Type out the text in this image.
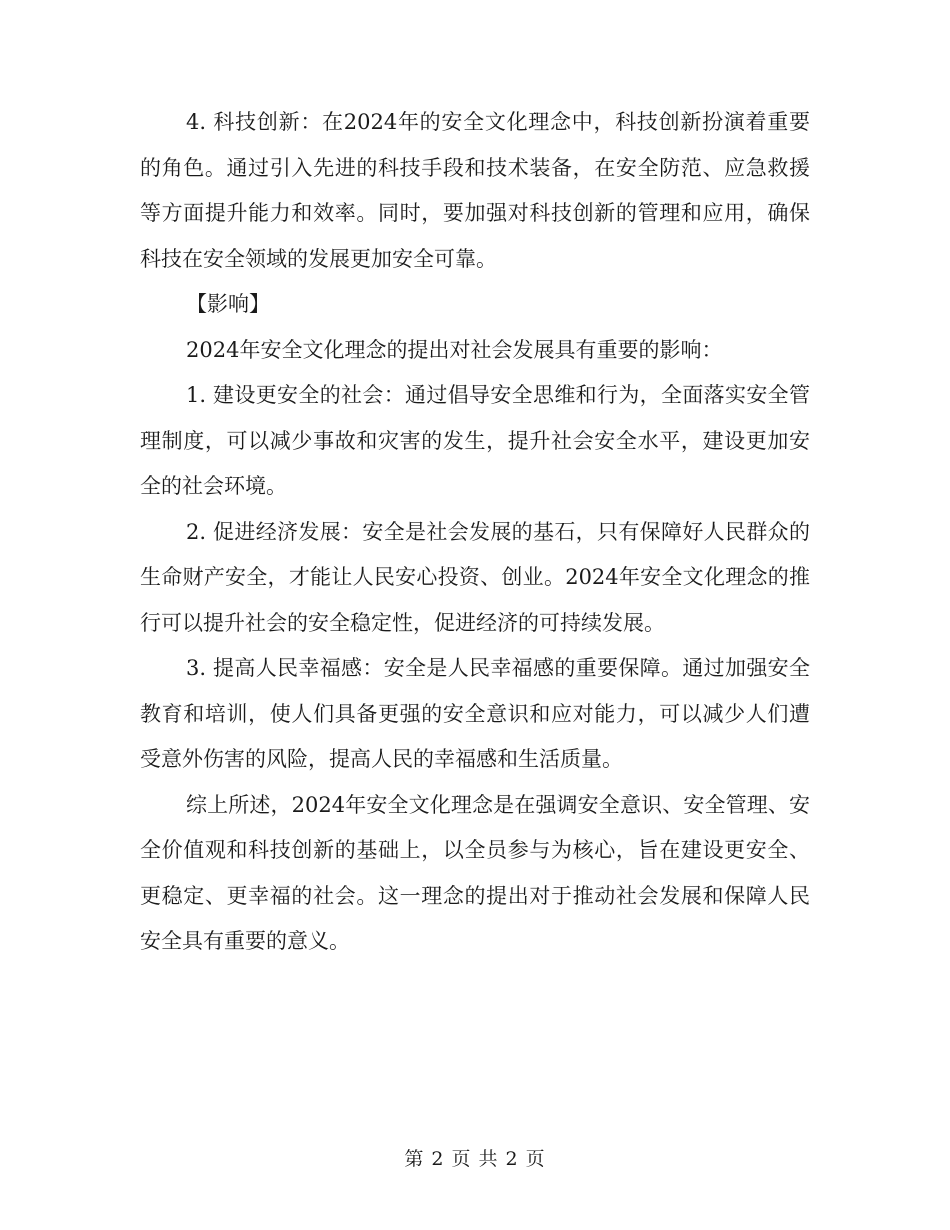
4. 科技创新：在2024年的安全文化理念中，科技创新扮演着重要的角色。通过引入先进的科技手段和技术装备，在安全防范、应急救援等方面提升能力和效率。同时，要加强对科技创新的管理和应用，确保科技在安全领域的发展更加安全可靠。

【影响】

2024年安全文化理念的提出对社会发展具有重要的影响：

1. 建设更安全的社会：通过倡导安全思维和行为，全面落实安全管理制度，可以减少事故和灾害的发生，提升社会安全水平，建设更加安全的社会环境。

2. 促进经济发展：安全是社会发展的基石，只有保障好人民群众的生命财产安全，才能让人民安心投资、创业。2024年安全文化理念的推行可以提升社会的安全稳定性，促进经济的可持续发展。

3. 提高人民幸福感：安全是人民幸福感的重要保障。通过加强安全教育和培训，使人们具备更强的安全意识和应对能力，可以减少人们遭受意外伤害的风险，提高人民的幸福感和生活质量。

综上所述，2024年安全文化理念是在强调安全意识、安全管理、安全价值观和科技创新的基础上，以全员参与为核心，旨在建设更安全、更稳定、更幸福的社会。这一理念的提出对于推动社会发展和保障人民安全具有重要的意义。

第 2 页 共 2 页
